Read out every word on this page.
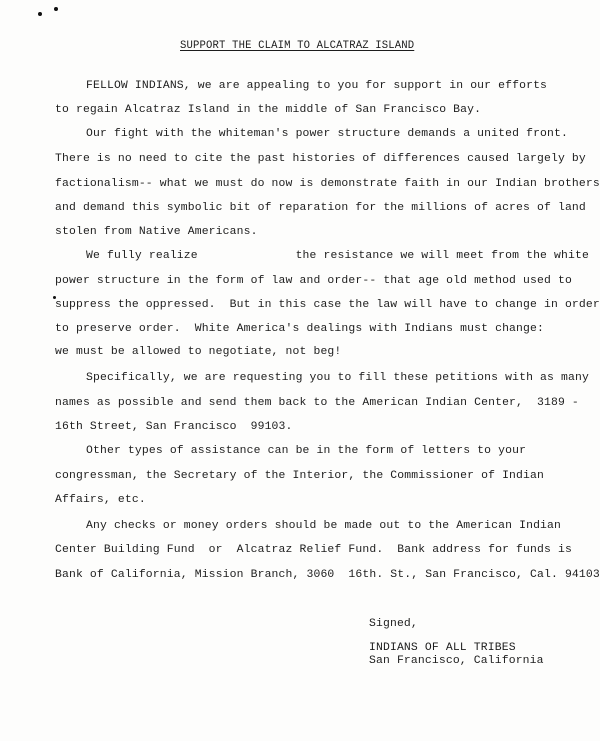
SUPPORT THE CLAIM TO ALCATRAZ ISLAND
FELLOW INDIANS, we are appealing to you for support in our efforts
to regain Alcatraz Island in the middle of San Francisco Bay.
Our fight with the whiteman's power structure demands a united front.
There is no need to cite the past histories of differences caused largely by
factionalism-- what we must do now is demonstrate faith in our Indian brothers
and demand this symbolic bit of reparation for the millions of acres of land
stolen from Native Americans.
We fully realize              the resistance we will meet from the white
power structure in the form of law and order-- that age old method used to
suppress the oppressed.  But in this case the law will have to change in order
to preserve order.  White America's dealings with Indians must change:
we must be allowed to negotiate, not beg!
Specifically, we are requesting you to fill these petitions with as many
names as possible and send them back to the American Indian Center,  3189 -
16th Street, San Francisco  99103.
Other types of assistance can be in the form of letters to your
congressman, the Secretary of the Interior, the Commissioner of Indian
Affairs, etc.
Any checks or money orders should be made out to the American Indian
Center Building Fund  or  Alcatraz Relief Fund.  Bank address for funds is
Bank of California, Mission Branch, 3060  16th. St., San Francisco, Cal. 94103
Signed,
INDIANS OF ALL TRIBES
San Francisco, California
